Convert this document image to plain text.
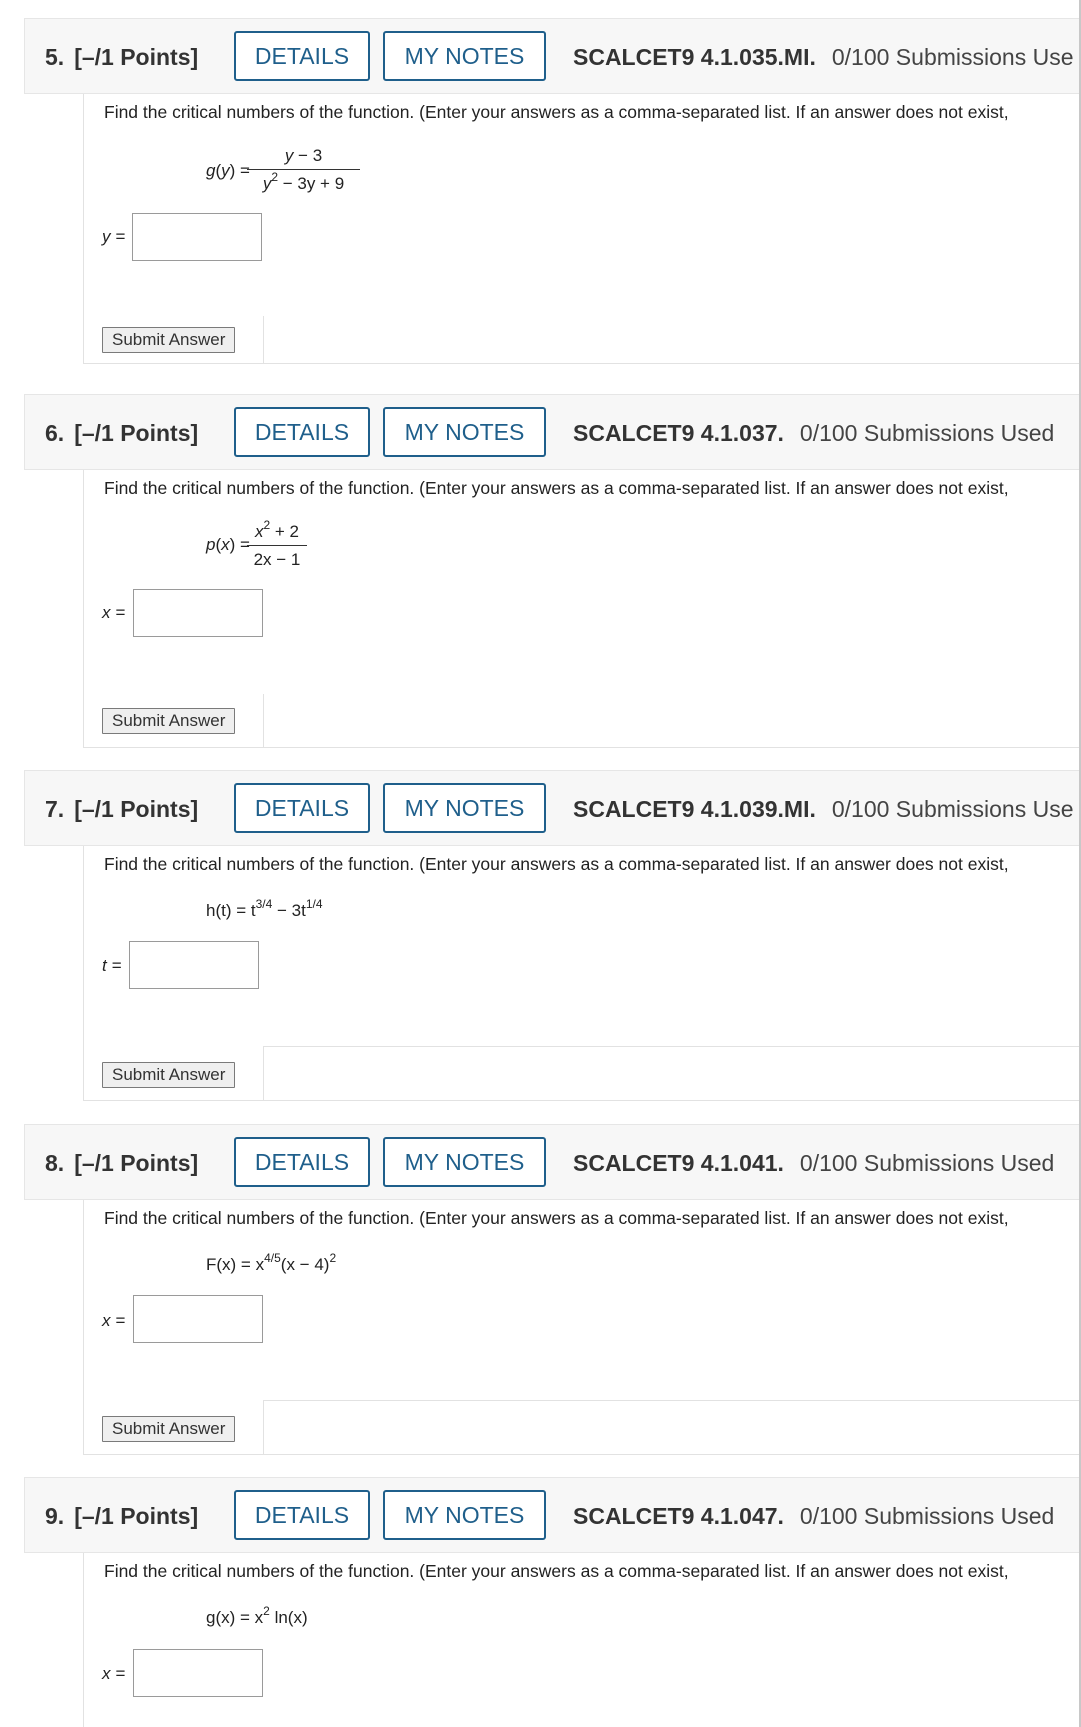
5. [–/1 Points]	DETAILS	MY NOTES	SCALCET9 4.1.035.MI. 0/100 Submissions Use
Find the critical numbers of the function. (Enter your answers as a comma-separated list. If an answer does not exist,
g(y) =
y − 3
$y^2 - 3y + 9$
y =
Submit Answer
6. [–/1 Points]	DETAILS	MY NOTES	SCALCET9 4.1.037. 0/100 Submissions Used
Find the critical numbers of the function. (Enter your answers as a comma-separated list. If an answer does not exist,
p(x) =
$x^2 + 2$
2x − 1
x =
Submit Answer
7. [–/1 Points]	DETAILS	MY NOTES	SCALCET9 4.1.039.MI. 0/100 Submissions Use
Find the critical numbers of the function. (Enter your answers as a comma-separated list. If an answer does not exist,
$h(t) = t^{3/4} - 3t^{1/4}$
t =
Submit Answer
8. [–/1 Points]	DETAILS	MY NOTES	SCALCET9 4.1.041. 0/100 Submissions Used
Find the critical numbers of the function. (Enter your answers as a comma-separated list. If an answer does not exist,
$F(x) = x^{4/5}(x - 4)^2$
x =
Submit Answer
9. [–/1 Points]	DETAILS	MY NOTES	SCALCET9 4.1.047. 0/100 Submissions Used
Find the critical numbers of the function. (Enter your answers as a comma-separated list. If an answer does not exist,
$g(x) = x^2$ ln(x)
x =
